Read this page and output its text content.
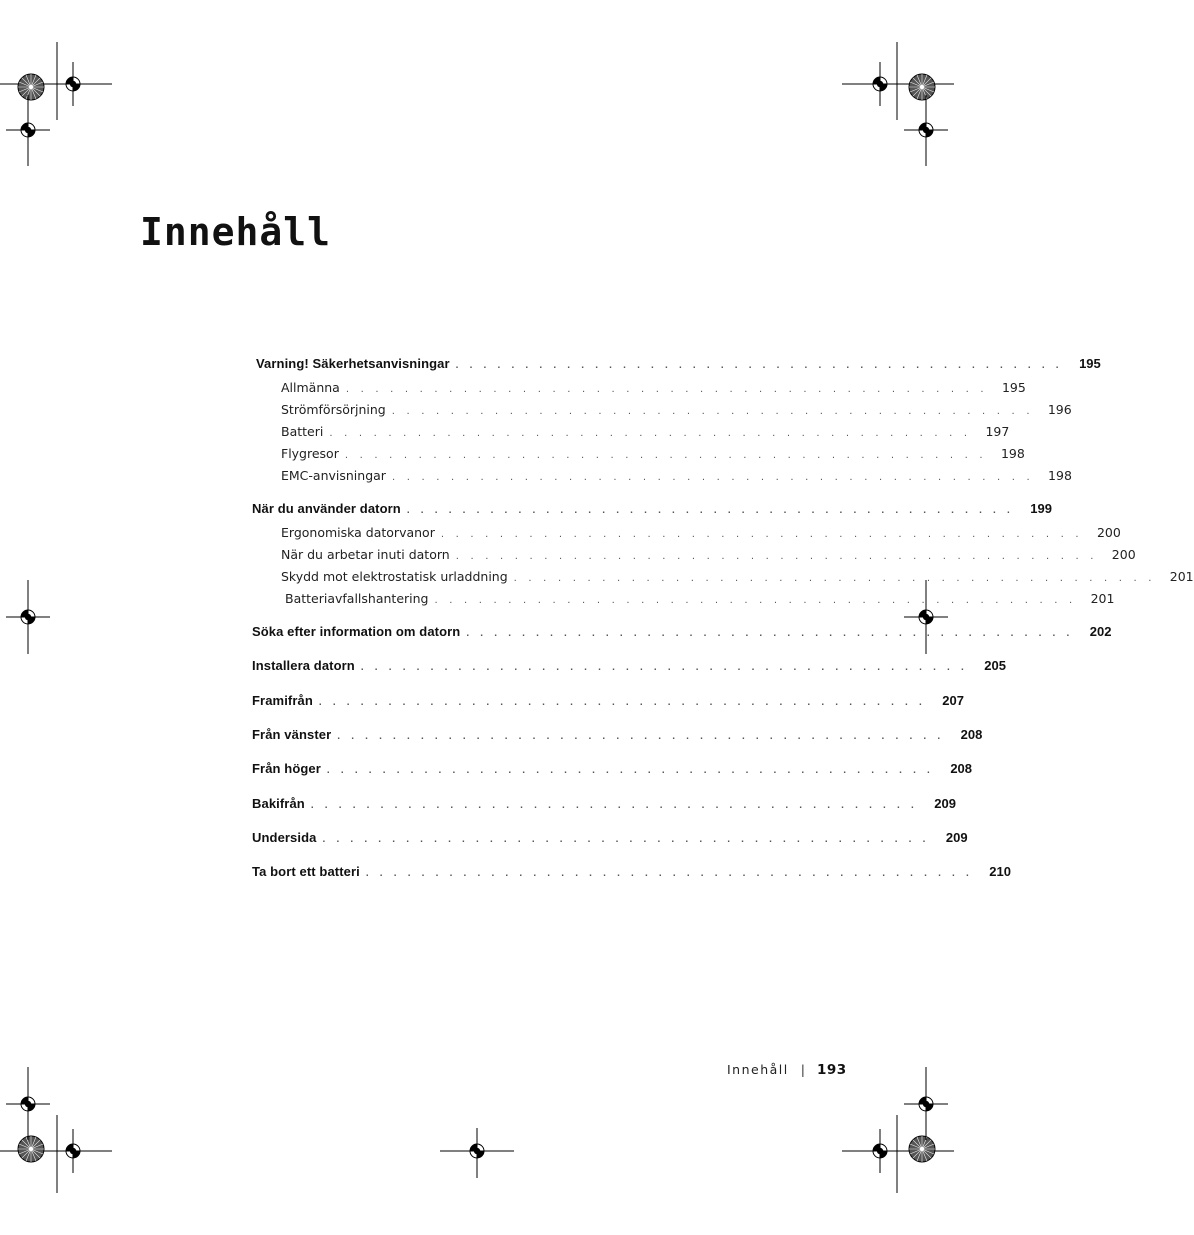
Innehåll
Varning! Säkerhetsanvisningar . . . . . . . . . . . . . . . . . . . . . . . . . . . . . . . . . . . . . . . . . . . . 195
Allmänna . . . . . . . . . . . . . . . . . . . . . . . . . . . . . . . . . . . . . . . . . . . . 195
Strömförsörjning . . . . . . . . . . . . . . . . . . . . . . . . . . . . . . . . . . . . . . . . . . . . 196
Batteri . . . . . . . . . . . . . . . . . . . . . . . . . . . . . . . . . . . . . . . . . . . . 197
Flygresor . . . . . . . . . . . . . . . . . . . . . . . . . . . . . . . . . . . . . . . . . . . . 198
EMC-anvisningar . . . . . . . . . . . . . . . . . . . . . . . . . . . . . . . . . . . . . . . . . . . . 198
När du använder datorn . . . . . . . . . . . . . . . . . . . . . . . . . . . . . . . . . . . . . . . . . . . . 199
Ergonomiska datorvanor . . . . . . . . . . . . . . . . . . . . . . . . . . . . . . . . . . . . . . . . . . . . 200
När du arbetar inuti datorn . . . . . . . . . . . . . . . . . . . . . . . . . . . . . . . . . . . . . . . . . . . . 200
Skydd mot elektrostatisk urladdning . . . . . . . . . . . . . . . . . . . . . . . . . . . . . . . . . . . . . . . . . . . . 201
Batteriavfallshantering . . . . . . . . . . . . . . . . . . . . . . . . . . . . . . . . . . . . . . . . . . . . 201
Söka efter information om datorn . . . . . . . . . . . . . . . . . . . . . . . . . . . . . . . . . . . . . . . . . . . . 202
Installera datorn . . . . . . . . . . . . . . . . . . . . . . . . . . . . . . . . . . . . . . . . . . . . 205
Framifrån . . . . . . . . . . . . . . . . . . . . . . . . . . . . . . . . . . . . . . . . . . . . 207
Från vänster . . . . . . . . . . . . . . . . . . . . . . . . . . . . . . . . . . . . . . . . . . . . 208
Från höger . . . . . . . . . . . . . . . . . . . . . . . . . . . . . . . . . . . . . . . . . . . . 208
Bakifrån . . . . . . . . . . . . . . . . . . . . . . . . . . . . . . . . . . . . . . . . . . . . 209
Undersida . . . . . . . . . . . . . . . . . . . . . . . . . . . . . . . . . . . . . . . . . . . . 209
Ta bort ett batteri . . . . . . . . . . . . . . . . . . . . . . . . . . . . . . . . . . . . . . . . . . . . 210
Innehåll | 193
